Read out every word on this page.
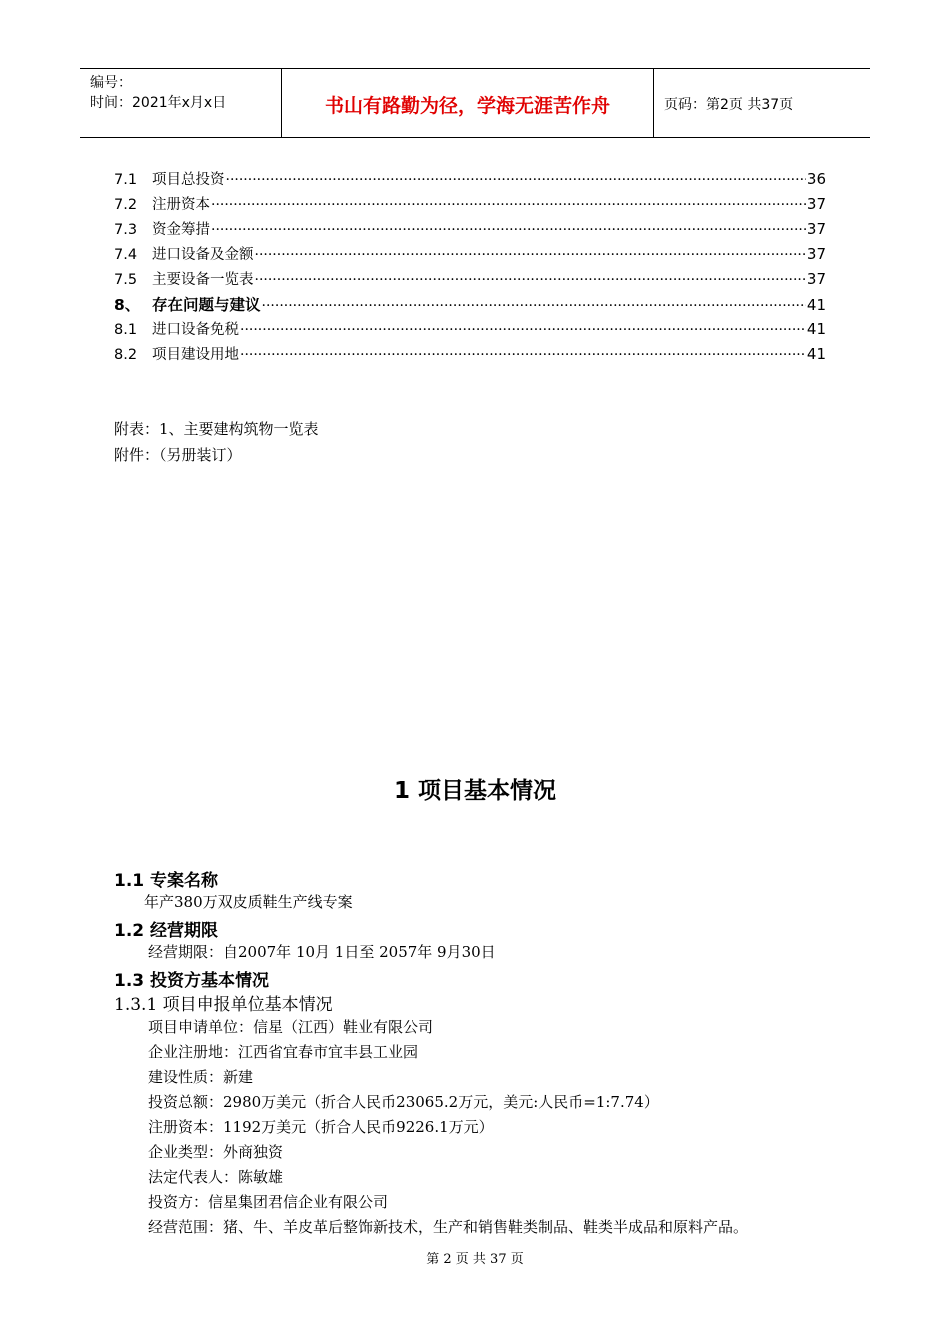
编号：
时间：2021年x月x日	书山有路勤为径，学海无涯苦作舟	页码：第2页 共37页
7.1	项目总投资 ·····	36
7.2	注册资本 ·····	37
7.3	资金筹措 ·····	37
7.4	进口设备及金额 ·····	37
7.5	主要设备一览表 ·····	37
8、 存在问题与建议 ·····	41
8.1	进口设备免税 ·····	41
8.2	项目建设用地 ·····	41
附表：1、主要建构筑物一览表
附件：（另册装订）
1 项目基本情况
1.1 专案名称
年产380万双皮质鞋生产线专案
1.2 经营期限
经营期限：自2007年 10月 1日至 2057年 9月30日
1.3 投资方基本情况
1.3.1 项目申报单位基本情况
项目申请单位：信星（江西）鞋业有限公司
企业注册地：江西省宜春市宜丰县工业园
建设性质：新建
投资总额：2980万美元（折合人民币23065.2万元，美元:人民币=1:7.74）
注册资本：1192万美元（折合人民币9226.1万元）
企业类型：外商独资
法定代表人：陈敏雄
投资方：信星集团君信企业有限公司
经营范围：猪、牛、羊皮革后整饰新技术，生产和销售鞋类制品、鞋类半成品和原料产品。
第 2 页 共 37 页
